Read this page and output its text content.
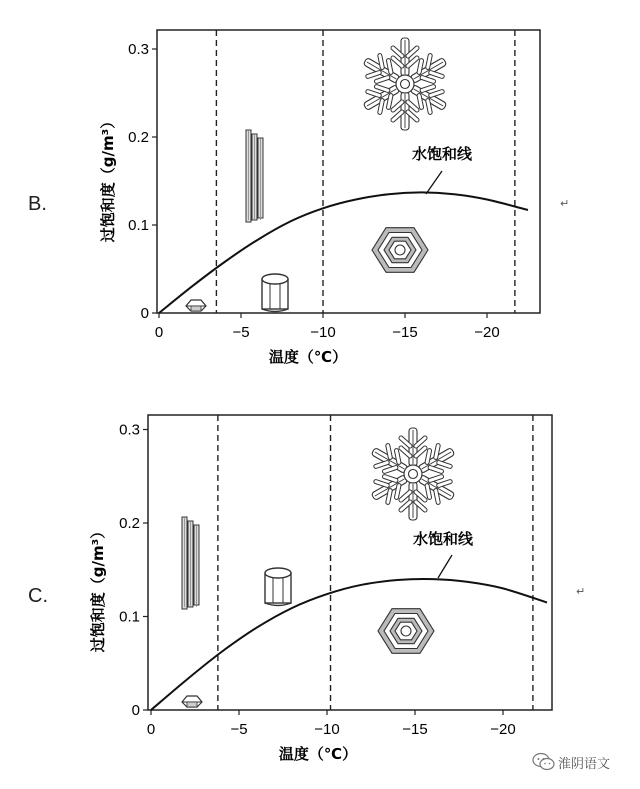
B.	↵
0
0.1
0.2
0.3
0	−5	−10	−15	−20
过饱和度（g/m³）
温度（℃）
水饱和线
C.	↵
0
0.1
0.2
0.3
0	−5	−10	−15	−20
过饱和度（g/m³）
温度（℃）
水饱和线
淮阴语文
